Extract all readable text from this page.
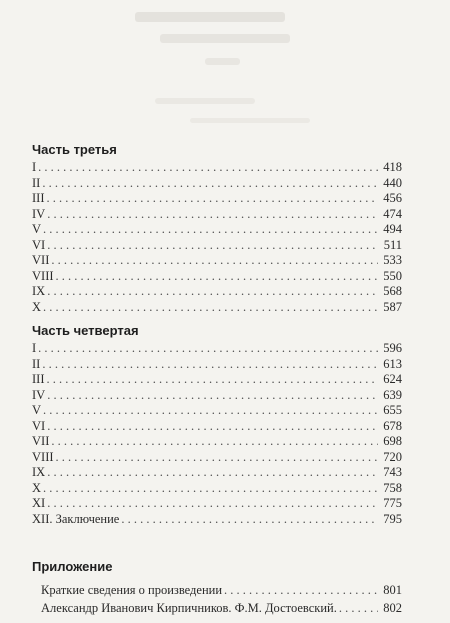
Часть третья
I . . .	418
II . . .	440
III . . .	456
IV . . .	474
V . . .	494
VI . . .	511
VII . . .	533
VIII . . .	550
IX . . .	568
X . . .	587
Часть четвертая
I . . .	596
II . . .	613
III . . .	624
IV . . .	639
V . . .	655
VI . . .	678
VII . . .	698
VIII . . .	720
IX . . .	743
X . . .	758
XI . . .	775
XII. Заключение . . .	795
Приложение
Краткие сведения о произведении . . .	801
Александр Иванович Кирпичников. Ф.М. Достоевский. . . .	802
